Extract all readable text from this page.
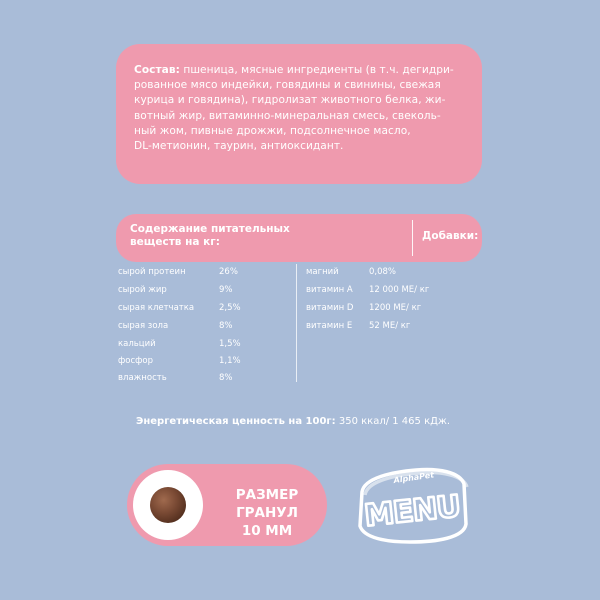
Состав: пшеница, мясные ингредиенты (в т.ч. дегидри-
рованное мясо индейки, говядины и свинины, свежая
курица и говядина), гидролизат животного белка, жи-
вотный жир, витаминно-минеральная смесь, свеколь-
ный жом, пивные дрожжи, подсолнечное масло,
DL-метионин, таурин, антиоксидант.
Содержание питательных веществ на кг:	Добавки:
сырой протеин	26%
сырой жир	9%
сырая клетчатка	2,5%
сырая зола	8%
кальций	1,5%
фосфор	1,1%
влажность	8%
магний	0,08%
витамин А 12 000 МЕ/ кг
витамин D 1200 МЕ/ кг
витамин Е 52 МЕ/ кг
Энергетическая ценность на 100г: 350 ккал/ 1 465 кДж.
РАЗМЕР ГРАНУЛ
10 ММ
AlphaPet
MENU
